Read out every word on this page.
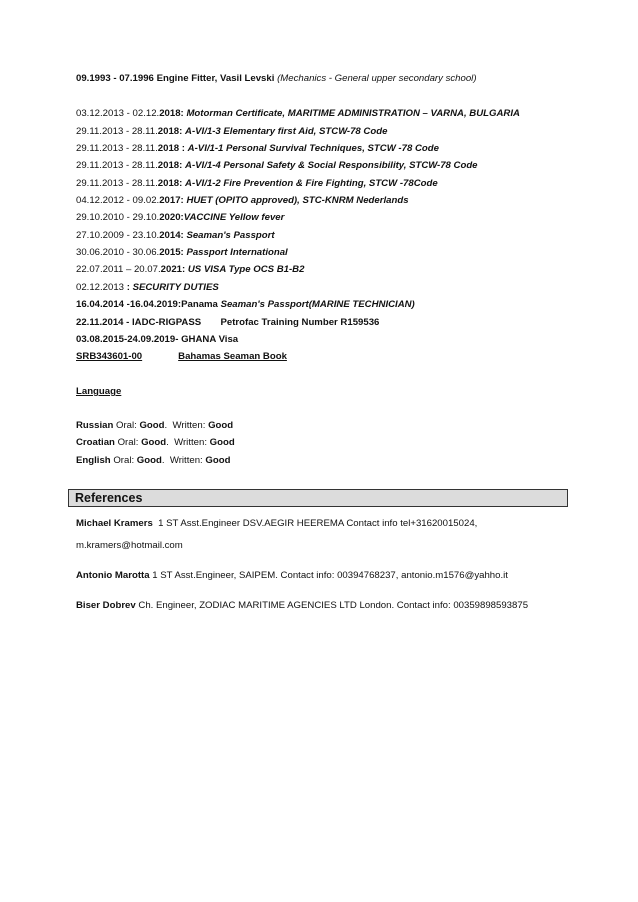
09.1993 - 07.1996 Engine Fitter, Vasil Levski (Mechanics - General upper secondary school)
03.12.2013 - 02.12.2018: Motorman Certificate, MARITIME ADMINISTRATION – VARNA, BULGARIA
29.11.2013 - 28.11.2018: A-VI/1-3 Elementary first Aid, STCW-78 Code
29.11.2013 - 28.11.2018 : A-VI/1-1 Personal Survival Techniques, STCW -78 Code
29.11.2013 - 28.11.2018: A-VI/1-4 Personal Safety & Social Responsibility, STCW-78 Code
29.11.2013 - 28.11.2018: A-VI/1-2 Fire Prevention & Fire Fighting, STCW -78Code
04.12.2012 - 09.02.2017: HUET (OPITO approved), STC-KNRM Nederlands
29.10.2010 - 29.10.2020:VACCINE Yellow fever
27.10.2009 - 23.10.2014: Seaman's Passport
30.06.2010 - 30.06.2015: Passport International
22.07.2011 – 20.07.2021: US VISA Type OCS B1-B2
02.12.2013 : SECURITY DUTIES
16.04.2014 -16.04.2019:Panama Seaman's Passport(MARINE TECHNICIAN)
22.11.2014 - IADC-RIGPASS Petrofac Training Number R159536
03.08.2015-24.09.2019- GHANA Visa
SRB343601-00	Bahamas Seaman Book
Language
Russian Oral: Good.  Written: Good
Croatian Oral: Good.  Written: Good
English Oral: Good.  Written: Good
References
Michael Kramers 1 ST Asst.Engineer DSV.AEGIR HEEREMA Contact info tel+31620015024,
m.kramers@hotmail.com
Antonio Marotta 1 ST Asst.Engineer, SAIPEM. Contact info: 00394768237, antonio.m1576@yahho.it
Biser Dobrev Ch. Engineer, ZODIAC MARITIME AGENCIES LTD London. Contact info: 00359898593875
